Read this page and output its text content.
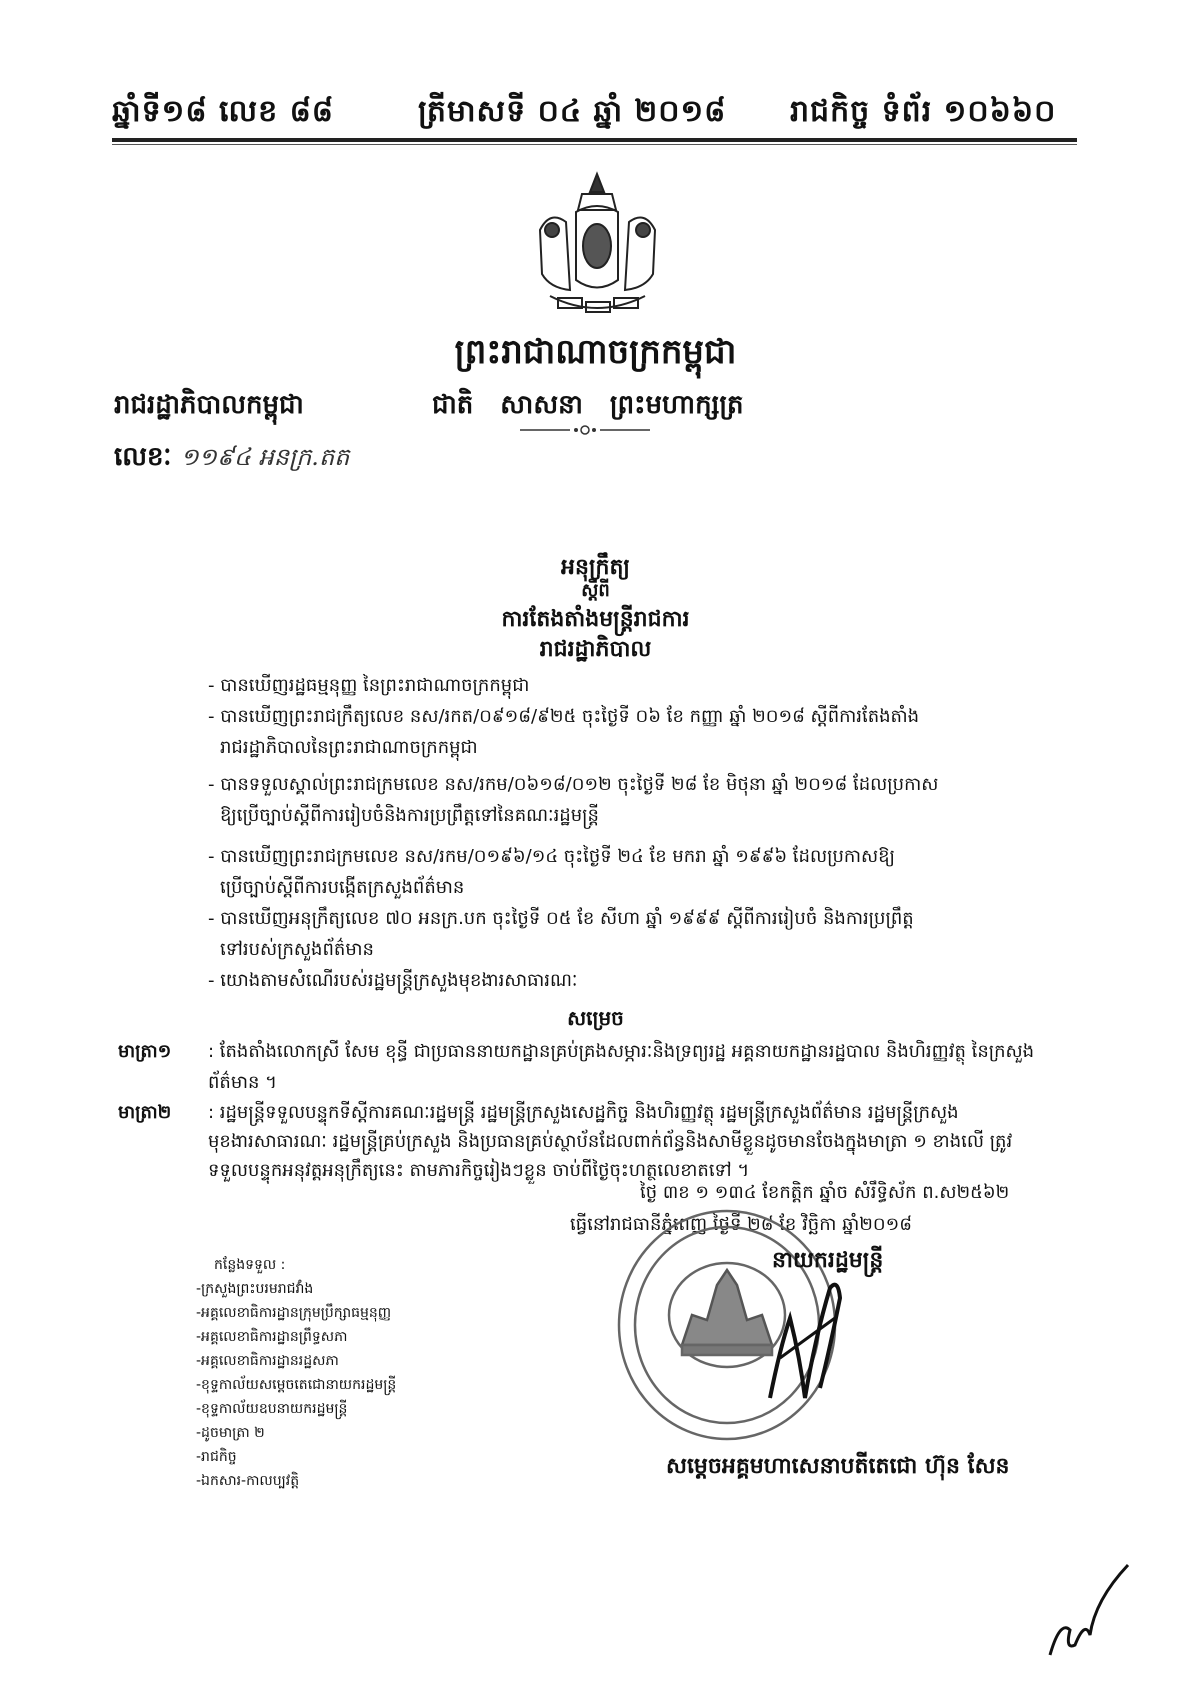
ឆ្នាំទី១៨ លេខ ៨៨	ត្រីមាសទី ០៤ ឆ្នាំ ២០១៨ រាជកិច្ច ទំព័រ ១០៦៦០
ព្រះរាជាណាចក្រកម្ពុជា
រាជរដ្ឋាភិបាលកម្ពុជា	ជាតិ សាសនា ព្រះមហាក្សត្រ
លេខៈ ១១៩៤ អនក្រ.តត
អនុក្រឹត្យ
ស្តីពី
ការតែងតាំងមន្ត្រីរាជការ
រាជរដ្ឋាភិបាល
- បានឃើញរដ្ឋធម្មនុញ្ញ នៃព្រះរាជាណាចក្រកម្ពុជា
- បានឃើញព្រះរាជក្រឹត្យលេខ នស/រកត/០៩១៨/៩២៥ ចុះថ្ងៃទី ០៦ ខែ កញ្ញា ឆ្នាំ ២០១៨ ស្តីពីការតែងតាំង
រាជរដ្ឋាភិបាលនៃព្រះរាជាណាចក្រកម្ពុជា
- បានទទួលស្គាល់ព្រះរាជក្រមលេខ នស/រកម/០៦១៨/០១២ ចុះថ្ងៃទី ២៨ ខែ មិថុនា ឆ្នាំ ២០១៨ ដែលប្រកាស
ឱ្យប្រើច្បាប់ស្តីពីការរៀបចំនិងការប្រព្រឹត្តទៅនៃគណៈរដ្ឋមន្ត្រី
- បានឃើញព្រះរាជក្រមលេខ នស/រកម/០១៩៦/១៤ ចុះថ្ងៃទី ២៤ ខែ មករា ឆ្នាំ ១៩៩៦ ដែលប្រកាសឱ្យ
ប្រើច្បាប់ស្តីពីការបង្កើតក្រសួងព័ត៌មាន
- បានឃើញអនុក្រឹត្យលេខ ៧០ អនក្រ.បក ចុះថ្ងៃទី ០៥ ខែ សីហា ឆ្នាំ ១៩៩៩ ស្តីពីការរៀបចំ និងការប្រព្រឹត្ត
ទៅរបស់ក្រសួងព័ត៌មាន
- យោងតាមសំណើរបស់រដ្ឋមន្ត្រីក្រសួងមុខងារសាធារណៈ
សម្រេច
មាត្រា១ : តែងតាំងលោកស្រី សែម ខុន្ធី ជាប្រធាននាយកដ្ឋានគ្រប់គ្រងសម្ភារៈនិងទ្រព្យរដ្ឋ អគ្គនាយកដ្ឋានរដ្ឋបាល និងហិរញ្ញវត្ថុ នៃក្រសួងព័ត៌មាន ។
មាត្រា២ : រដ្ឋមន្ត្រីទទួលបន្ទុកទីស្តីការគណៈរដ្ឋមន្ត្រី រដ្ឋមន្ត្រីក្រសួងសេដ្ឋកិច្ច និងហិរញ្ញវត្ថុ រដ្ឋមន្ត្រីក្រសួងព័ត៌មាន រដ្ឋមន្ត្រីក្រសួងមុខងារសាធារណៈ រដ្ឋមន្ត្រីគ្រប់ក្រសួង និងប្រធានគ្រប់ស្ថាប័នដែលពាក់ព័ន្ធនិងសាមីខ្លួនដូចមានចែងក្នុងមាត្រា ១ ខាងលើ ត្រូវទទួលបន្ទុកអនុវត្តអនុក្រឹត្យនេះ តាមភារកិច្ចរៀងៗខ្លួន ចាប់ពីថ្ងៃចុះហត្ថលេខាតទៅ ។
ថ្ងៃ ៣ខ ១ ១៣៤ ខែកត្តិក ឆ្នាំច សំរឹទ្ធិស័ក ព.ស២៥៦២
ធ្វើនៅរាជធានីភ្នំពេញ ថ្ងៃទី ២៨ ខែ វិច្ឆិកា ឆ្នាំ២០១៨
នាយករដ្ឋមន្ត្រី
កន្លែងទទួល :
-ក្រសួងព្រះបរមរាជវាំង
-អគ្គលេខាធិការដ្ឋានក្រុមប្រឹក្សាធម្មនុញ្ញ
-អគ្គលេខាធិការដ្ឋានព្រឹទ្ធសភា
-អគ្គលេខាធិការដ្ឋានរដ្ឋសភា
-ខុទ្ទកាល័យសម្តេចតេជោនាយករដ្ឋមន្ត្រី
-ខុទ្ទកាល័យឧបនាយករដ្ឋមន្ត្រី
-ដូចមាត្រា ២
-រាជកិច្ច
-ឯកសារ-កាលប្បវត្តិ
សម្តេចអគ្គមហាសេនាបតីតេជោ ហ៊ុន សែន
